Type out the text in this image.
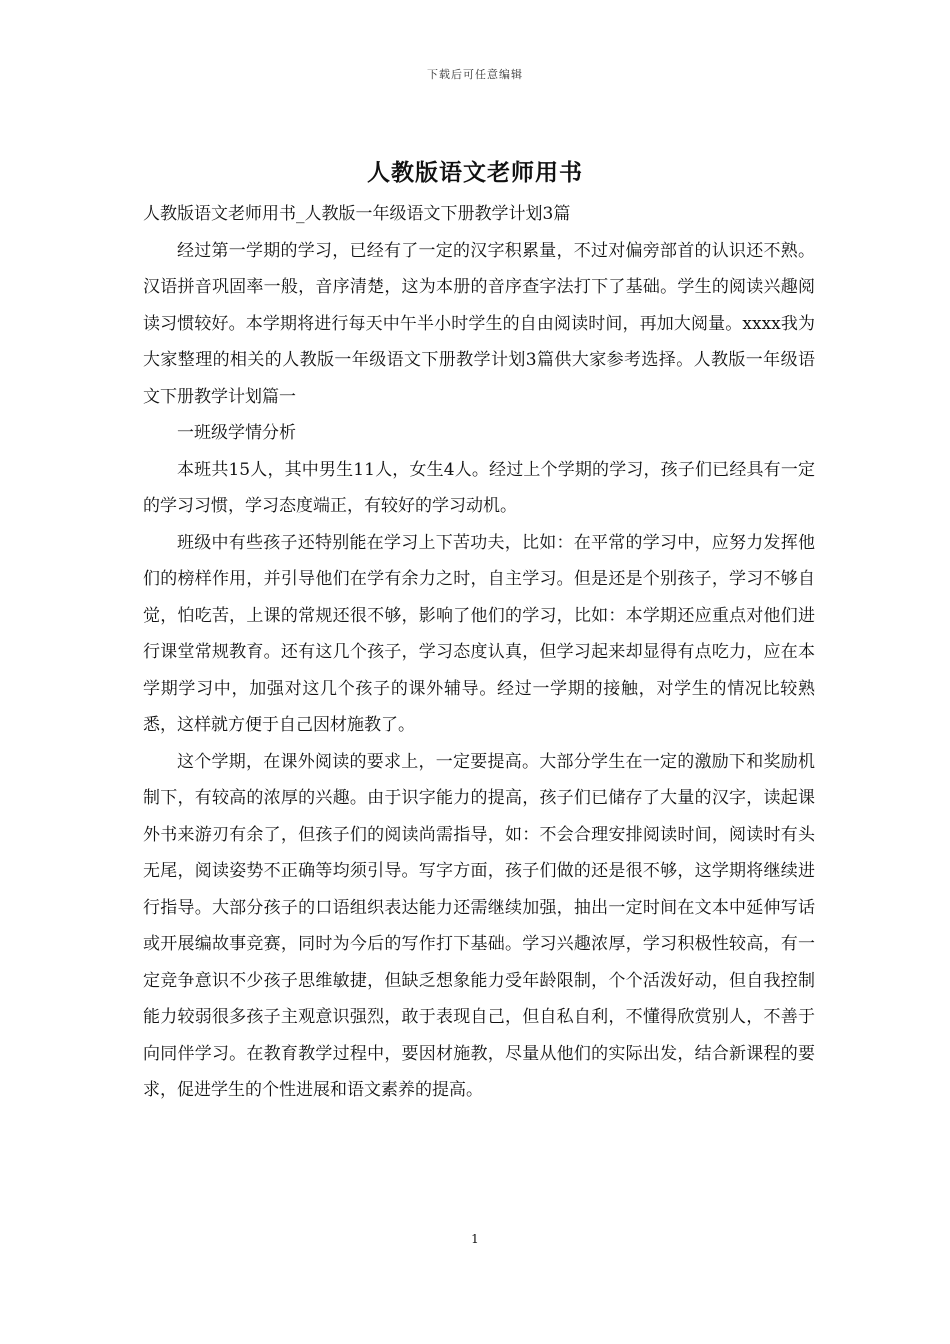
下载后可任意编辑
人教版语文老师用书

人教版语文老师用书_人教版一年级语文下册教学计划3篇

经过第一学期的学习，已经有了一定的汉字积累量，不过对偏旁部首的认识还不熟。汉语拼音巩固率一般，音序清楚，这为本册的音序查字法打下了基础。学生的阅读兴趣阅读习惯较好。本学期将进行每天中午半小时学生的自由阅读时间，再加大阅量。xxxx我为大家整理的相关的人教版一年级语文下册教学计划3篇供大家参考选择。人教版一年级语文下册教学计划篇一

一班级学情分析

本班共15人，其中男生11人，女生4人。经过上个学期的学习，孩子们已经具有一定的学习习惯，学习态度端正，有较好的学习动机。

班级中有些孩子还特别能在学习上下苦功夫，比如：在平常的学习中，应努力发挥他们的榜样作用，并引导他们在学有余力之时，自主学习。但是还是个别孩子，学习不够自觉，怕吃苦，上课的常规还很不够，影响了他们的学习，比如：本学期还应重点对他们进行课堂常规教育。还有这几个孩子，学习态度认真，但学习起来却显得有点吃力，应在本学期学习中，加强对这几个孩子的课外辅导。经过一学期的接触，对学生的情况比较熟悉，这样就方便于自己因材施教了。

这个学期，在课外阅读的要求上，一定要提高。大部分学生在一定的激励下和奖励机制下，有较高的浓厚的兴趣。由于识字能力的提高，孩子们已储存了大量的汉字，读起课外书来游刃有余了，但孩子们的阅读尚需指导，如：不会合理安排阅读时间，阅读时有头无尾，阅读姿势不正确等均须引导。写字方面，孩子们做的还是很不够，这学期将继续进行指导。大部分孩子的口语组织表达能力还需继续加强，抽出一定时间在文本中延伸写话或开展编故事竞赛，同时为今后的写作打下基础。学习兴趣浓厚，学习积极性较高，有一定竞争意识不少孩子思维敏捷，但缺乏想象能力受年龄限制，个个活泼好动，但自我控制能力较弱很多孩子主观意识强烈，敢于表现自己，但自私自利，不懂得欣赏别人，不善于向同伴学习。在教育教学过程中，要因材施教，尽量从他们的实际出发，结合新课程的要求，促进学生的个性进展和语文素养的提高。

1
